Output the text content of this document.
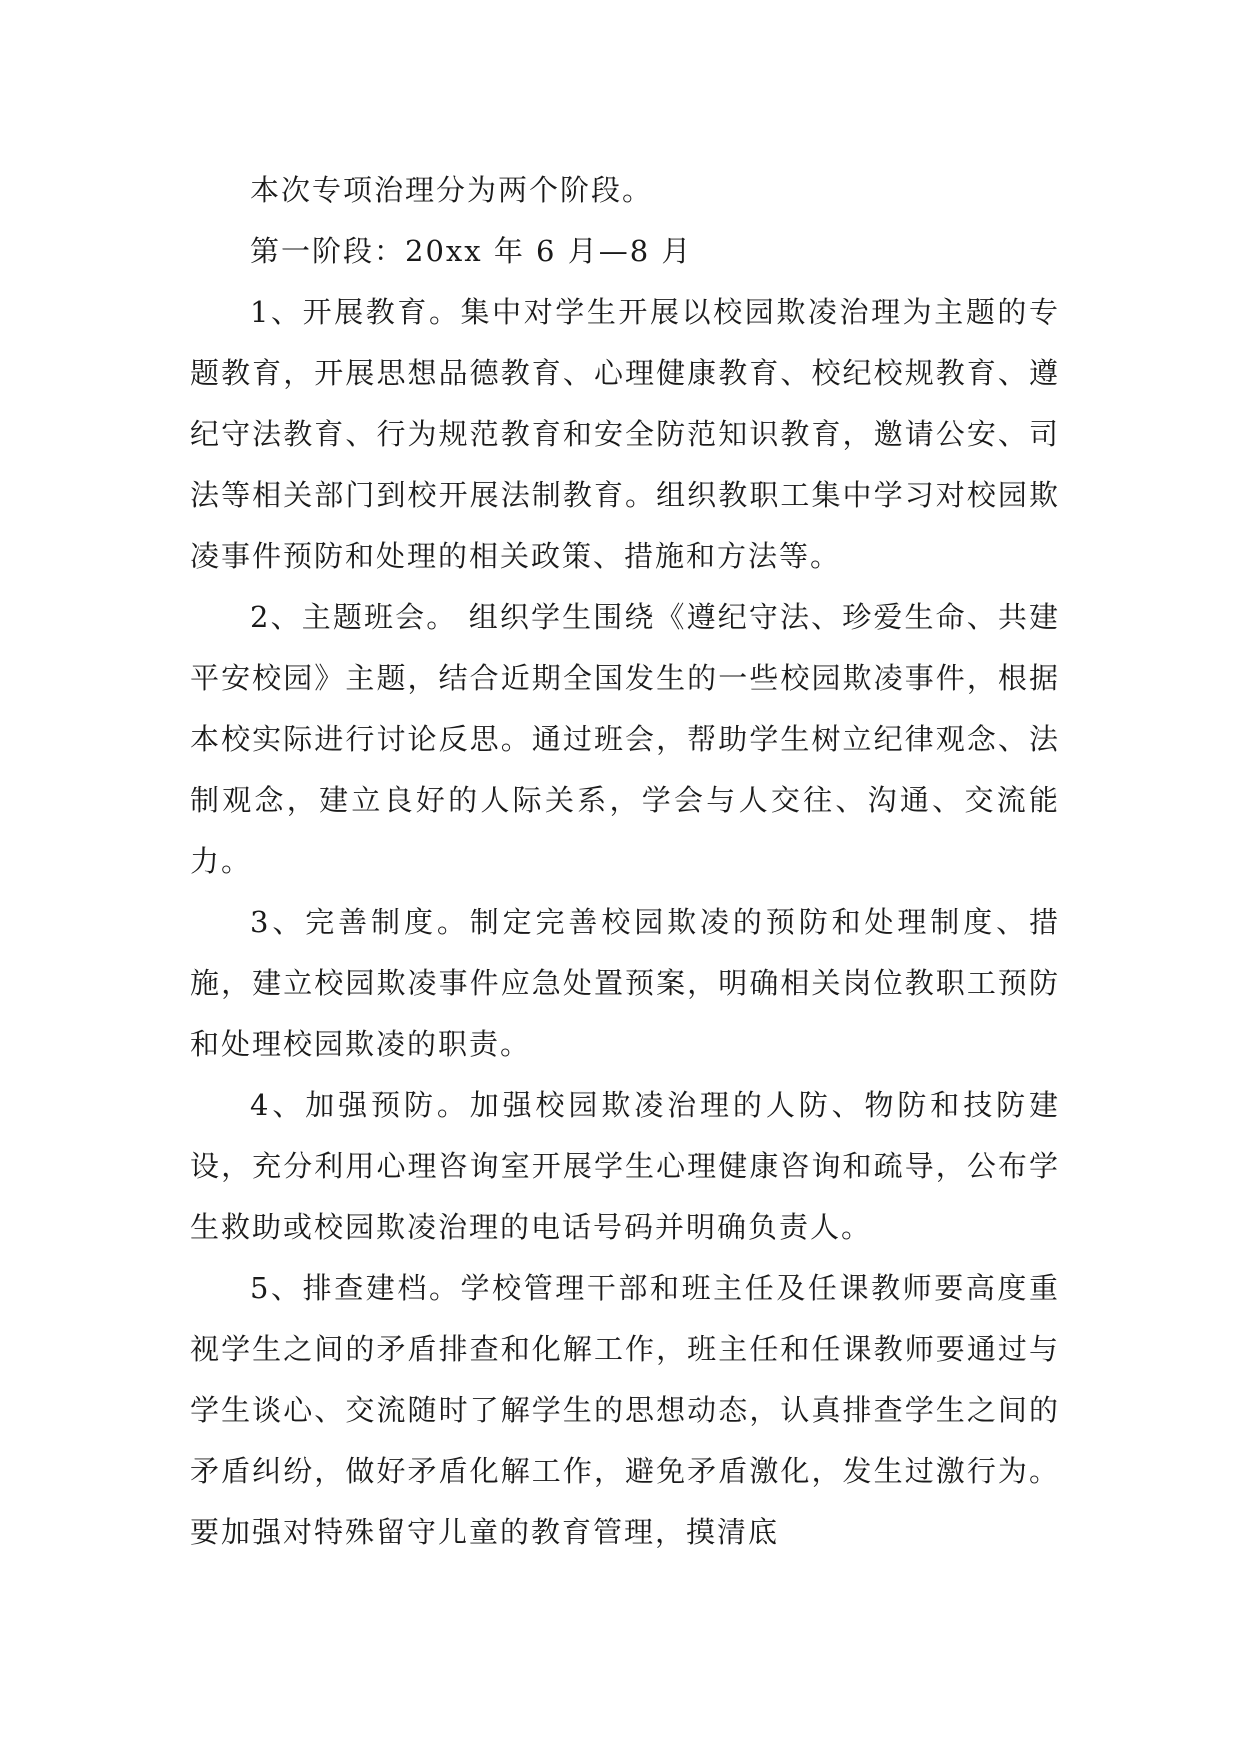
本次专项治理分为两个阶段。

第一阶段：20xx 年 6 月—8 月

1、开展教育。集中对学生开展以校园欺凌治理为主题的专题教育，开展思想品德教育、心理健康教育、校纪校规教育、遵纪守法教育、行为规范教育和安全防范知识教育，邀请公安、司法等相关部门到校开展法制教育。组织教职工集中学习对校园欺凌事件预防和处理的相关政策、措施和方法等。

2、主题班会。 组织学生围绕《遵纪守法、珍爱生命、共建平安校园》主题，结合近期全国发生的一些校园欺凌事件，根据本校实际进行讨论反思。通过班会，帮助学生树立纪律观念、法制观念，建立良好的人际关系，学会与人交往、沟通、交流能力。

3、完善制度。制定完善校园欺凌的预防和处理制度、措施，建立校园欺凌事件应急处置预案，明确相关岗位教职工预防和处理校园欺凌的职责。

4、加强预防。加强校园欺凌治理的人防、物防和技防建设，充分利用心理咨询室开展学生心理健康咨询和疏导，公布学生救助或校园欺凌治理的电话号码并明确负责人。

5、排查建档。学校管理干部和班主任及任课教师要高度重视学生之间的矛盾排查和化解工作，班主任和任课教师要通过与学生谈心、交流随时了解学生的思想动态，认真排查学生之间的矛盾纠纷，做好矛盾化解工作，避免矛盾激化，发生过激行为。要加强对特殊留守儿童的教育管理，摸清底
